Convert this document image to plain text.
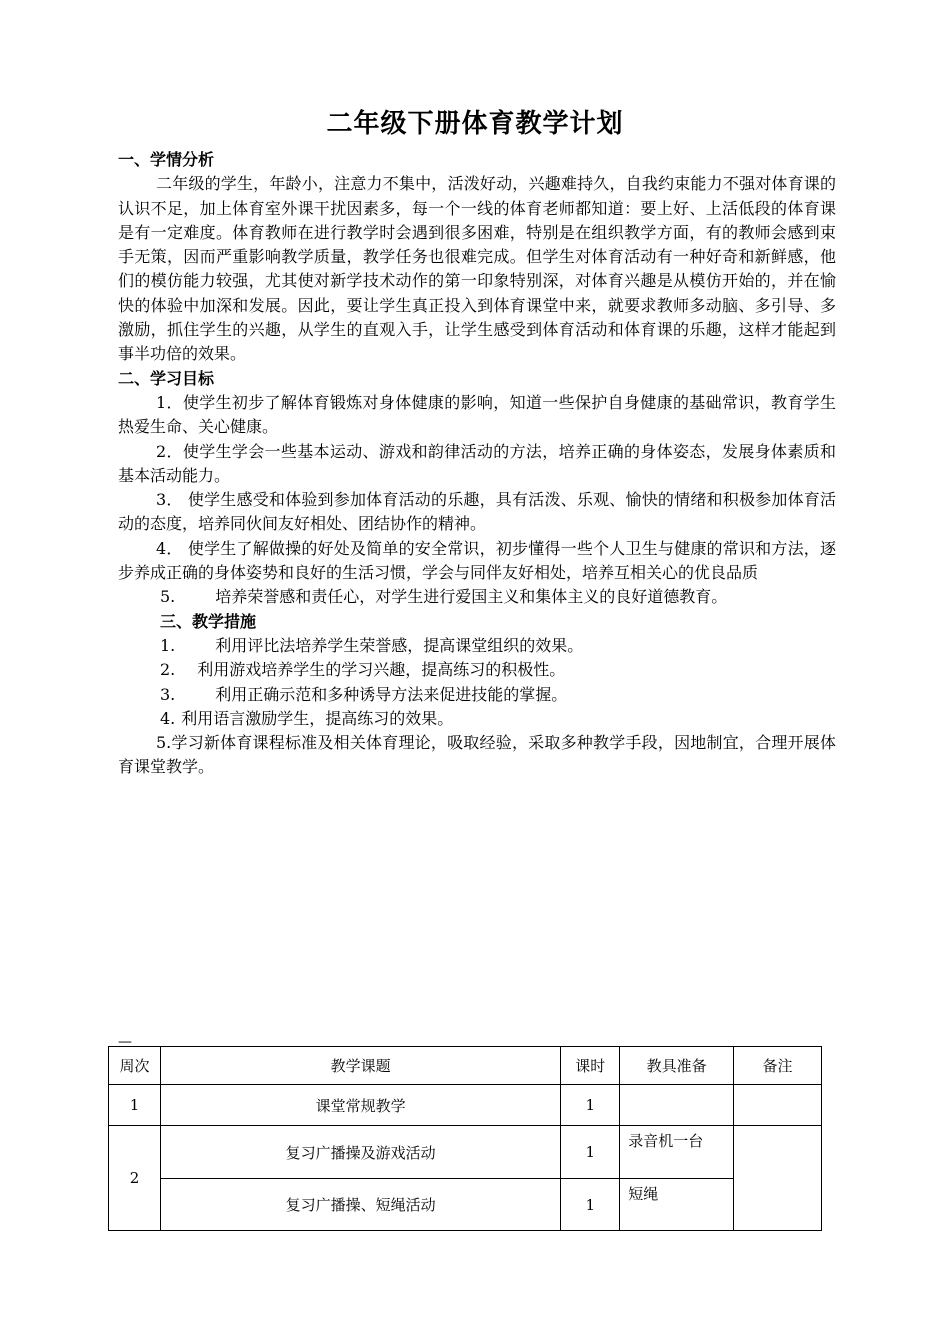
二年级下册体育教学计划

一、学情分析

二年级的学生，年龄小，注意力不集中，活泼好动，兴趣难持久，自我约束能力不强对体育课的认识不足，加上体育室外课干扰因素多，每一个一线的体育老师都知道：要上好、上活低段的体育课是有一定难度。体育教师在进行教学时会遇到很多困难，特别是在组织教学方面，有的教师会感到束手无策，因而严重影响教学质量，教学任务也很难完成。但学生对体育活动有一种好奇和新鲜感，他们的模仿能力较强，尤其使对新学技术动作的第一印象特别深，对体育兴趣是从模仿开始的，并在愉快的体验中加深和发展。因此，要让学生真正投入到体育课堂中来，就要求教师多动脑、多引导、多激励，抓住学生的兴趣，从学生的直观入手，让学生感受到体育活动和体育课的乐趣，这样才能起到事半功倍的效果。

二、学习目标

1．使学生初步了解体育锻炼对身体健康的影响，知道一些保护自身健康的基础常识，教育学生热爱生命、关心健康。

2．使学生学会一些基本运动、游戏和韵律活动的方法，培养正确的身体姿态，发展身体素质和基本活动能力。

3． 使学生感受和体验到参加体育活动的乐趣，具有活泼、乐观、愉快的情绪和积极参加体育活动的态度，培养同伙间友好相处、团结协作的精神。

4． 使学生了解做操的好处及简单的安全常识，初步懂得一些个人卫生与健康的常识和方法，逐步养成正确的身体姿势和良好的生活习惯，学会与同伴友好相处，培养互相关心的优良品质

5.	培养荣誉感和责任心，对学生进行爱国主义和集体主义的良好道德教育。

三、教学措施

1.	利用评比法培养学生荣誉感，提高课堂组织的效果。

2. 利用游戏培养学生的学习兴趣，提高练习的积极性。

3.	利用正确示范和多种诱导方法来促进技能的掌握。

4. 利用语言激励学生，提高练习的效果。

5.学习新体育课程标准及相关体育理论，吸取经验，采取多种教学手段，因地制宜，合理开展体育课堂教学。

—
周次	教学课题	课时	教具准备	备注
1	课堂常规教学	1		
2	复习广播操及游戏活动	1	录音机一台	
	复习广播操、短绳活动	1	短绳	
